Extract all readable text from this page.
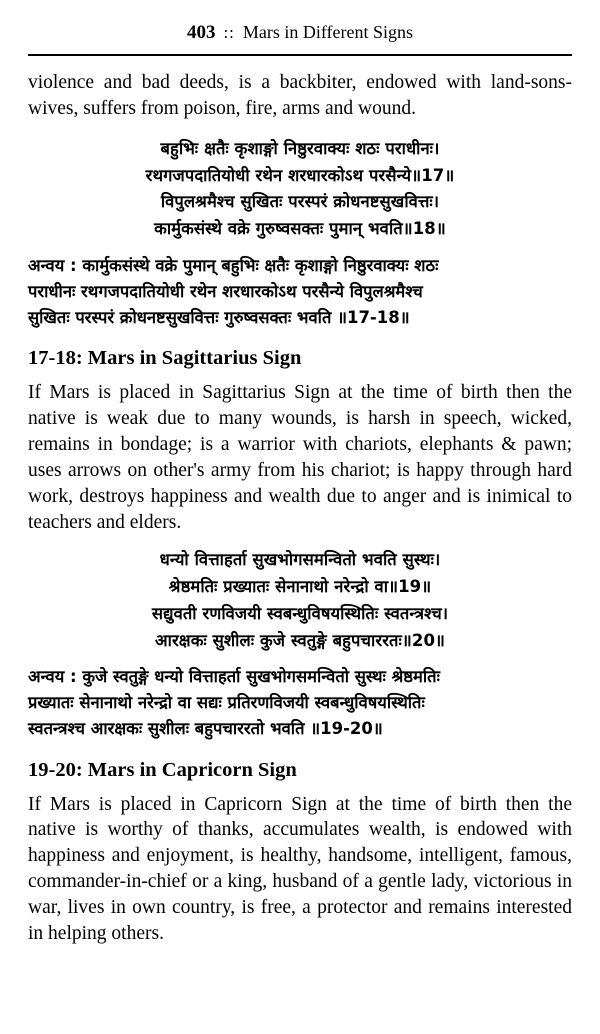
403 :: Mars in Different Signs

violence and bad deeds, is a backbiter, endowed with land-sons-wives, suffers from poison, fire, arms and wound.

बहुभिः क्षतैः कृशाङ्गो निष्ठुरवाक्यः शठः पराधीनः।
रथगजपदातियोधी रथेन शरधारकोऽथ परसैन्ये॥17॥
विपुलश्रमैश्च सुखितः परस्परं क्रोधनष्टसुखवित्तः।
कार्मुकसंस्थे वक्रे गुरुष्वसक्तः पुमान् भवति॥18॥
अन्वय : कार्मुकसंस्थे वक्रे पुमान् बहुभिः क्षतैः कृशाङ्गो निष्ठुरवाक्यः शठः
पराधीनः रथगजपदातियोधी रथेन शरधारकोऽथ परसैन्ये विपुलश्रमैश्च
सुखितः परस्परं क्रोधनष्टसुखवित्तः गुरुष्वसक्तः भवति ॥17-18॥
17-18: Mars in Sagittarius Sign

If Mars is placed in Sagittarius Sign at the time of birth then the native is weak due to many wounds, is harsh in speech, wicked, remains in bondage; is a warrior with chariots, elephants & pawn; uses arrows on other's army from his chariot; is happy through hard work, destroys happiness and wealth due to anger and is inimical to teachers and elders.

धन्यो वित्ताहर्ता सुखभोगसमन्वितो भवति सुस्थः।
श्रेष्ठमतिः प्रख्यातः सेनानाथो नरेन्द्रो वा॥19॥
सद्युवती रणविजयी स्वबन्धुविषयस्थितिः स्वतन्त्रश्च।
आरक्षकः सुशीलः कुजे स्वतुङ्गे बहुपचाररतः॥20॥
अन्वय : कुजे स्वतुङ्गे धन्यो वित्ताहर्ता सुखभोगसमन्वितो सुस्थः श्रेष्ठमतिः
प्रख्यातः सेनानाथो नरेन्द्रो वा सद्यः प्रतिरणविजयी स्वबन्धुविषयस्थितिः
स्वतन्त्रश्च आरक्षकः सुशीलः बहुपचाररतो भवति ॥19-20॥
19-20: Mars in Capricorn Sign

If Mars is placed in Capricorn Sign at the time of birth then the native is worthy of thanks, accumulates wealth, is endowed with happiness and enjoyment, is healthy, handsome, intelligent, famous, commander-in-chief or a king, husband of a gentle lady, victorious in war, lives in own country, is free, a protector and remains interested in helping others.
